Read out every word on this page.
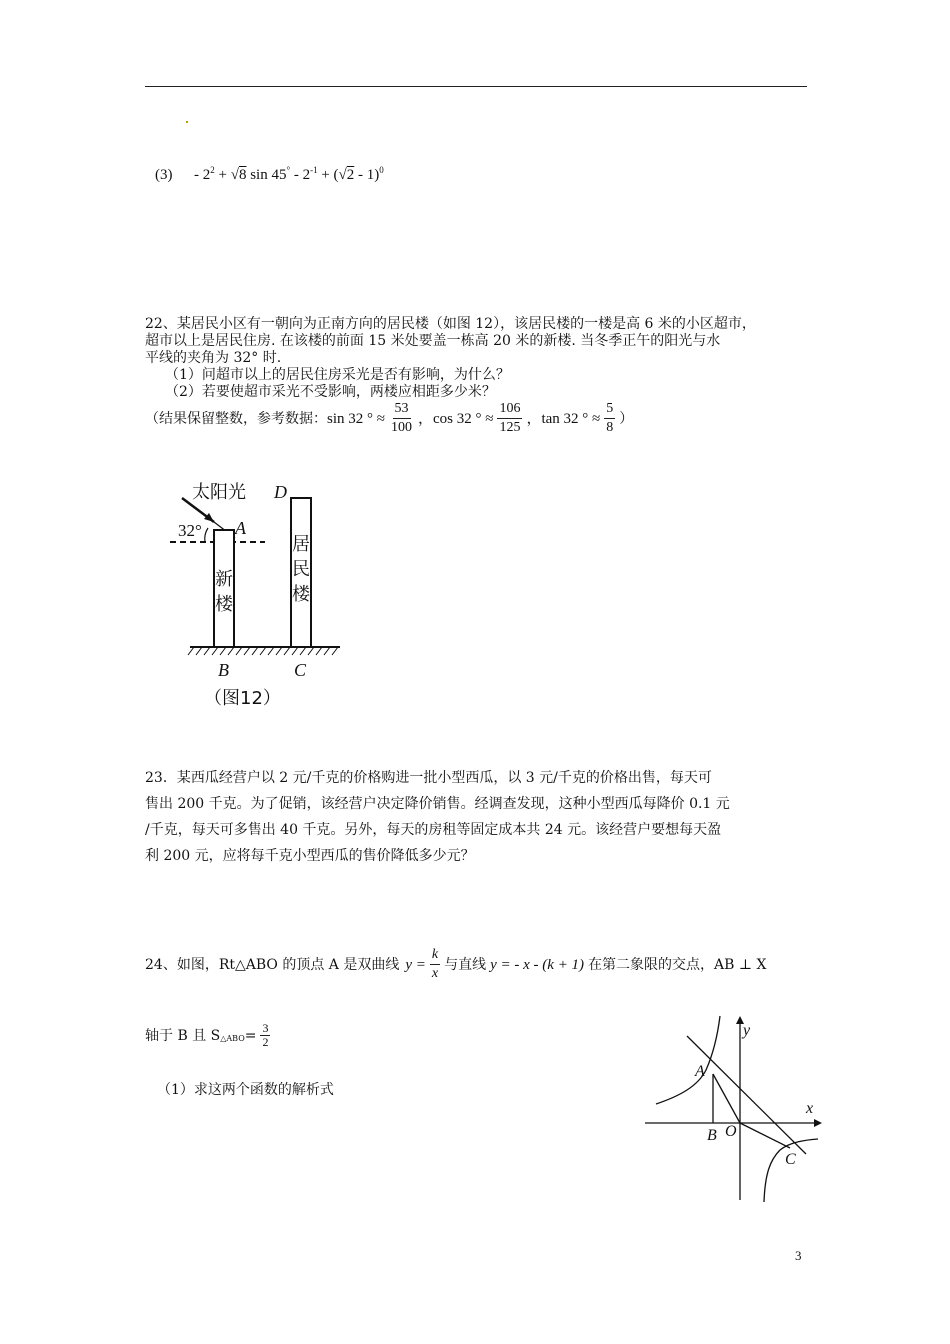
$(3) - 2^2 + √8$ $\sin 45^\circ - 2^{-1} + (√2 - 1)^0$
22、某居民小区有一朝向为正南方向的居民楼（如图 12），该居民楼的一楼是高 6 米的小区超市，
超市以上是居民住房. 在该楼的前面 15 米处要盖一栋高 20 米的新楼. 当冬季正午的阳光与水
平线的夹角为 32° 时.
（1）问超市以上的居民住房采光是否有影响，为什么？
（2）若要使超市采光不受影响，两楼应相距多少米？
（结果保留整数，参考数据： sin 32 ° ≈ $\frac{53}{100}$ ，cos 32 ° ≈ $\frac{106}{125}$ ，tan 32 ° ≈ $\frac{5}{8}$ ）
太阳光
32° A
D
B	C
新
楼
居
民
楼
（图12）
23．某西瓜经营户以 2 元/千克的价格购进一批小型西瓜，以 3 元/千克的价格出售，每天可
售出 200 千克。为了促销，该经营户决定降价销售。经调查发现，这种小型西瓜每降价 0.1 元
/千克，每天可多售出 40 千克。另外，每天的房租等固定成本共 24 元。该经营户要想每天盈
利 200 元，应将每千克小型西瓜的售价降低多少元？
24、如图，Rt△ABO 的顶点 A 是双曲线 $y = \frac{k}{x}$ 与直线 y = - x - (k + 1) 在第二象限的交点，AB ⊥ X
轴于 B 且 S △ABO = $\frac{3}{2}$
（1）求这两个函数的解析式
y
x
A
B O
C
3
